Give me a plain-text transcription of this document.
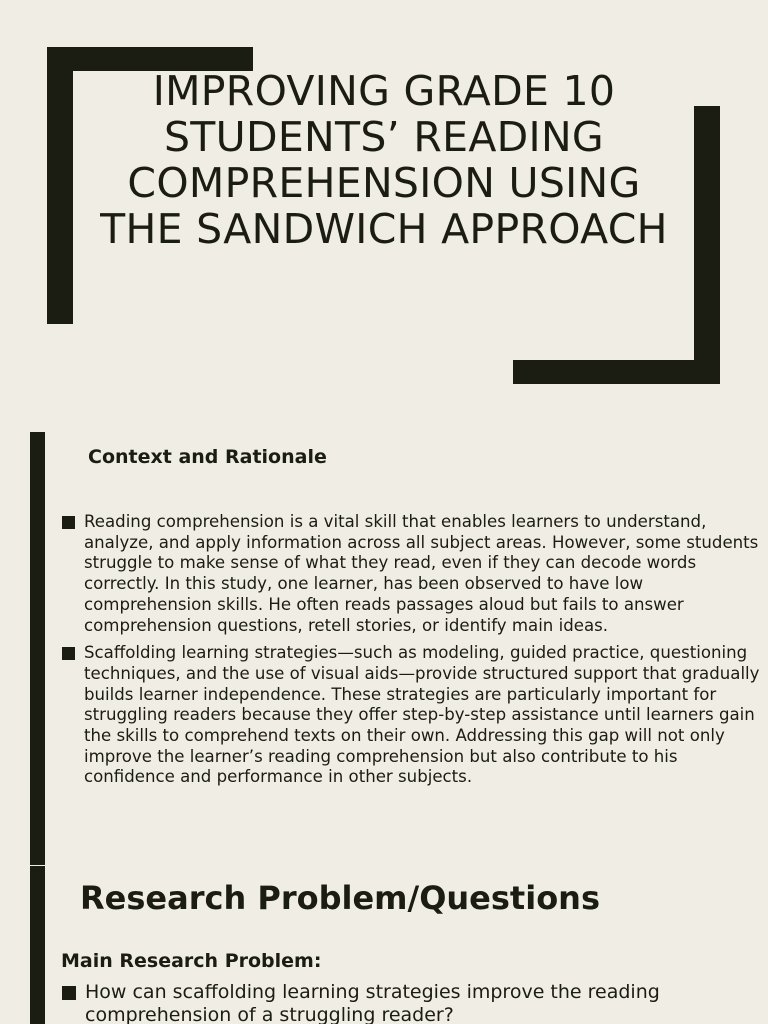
IMPROVING GRADE 10 STUDENTS’ READING COMPREHENSION USING THE SANDWICH APPROACH
Context and Rationale
Reading comprehension is a vital skill that enables learners to understand, analyze, and apply information across all subject areas. However, some students struggle to make sense of what they read, even if they can decode words correctly. In this study, one learner, has been observed to have low comprehension skills. He often reads passages aloud but fails to answer comprehension questions, retell stories, or identify main ideas.
Scaffolding learning strategies—such as modeling, guided practice, questioning techniques, and the use of visual aids—provide structured support that gradually builds learner independence. These strategies are particularly important for struggling readers because they offer step-by-step assistance until learners gain the skills to comprehend texts on their own. Addressing this gap will not only improve the learner’s reading comprehension but also contribute to his confidence and performance in other subjects.
Research Problem/Questions
Main Research Problem:
How can scaffolding learning strategies improve the reading comprehension of a struggling reader?
